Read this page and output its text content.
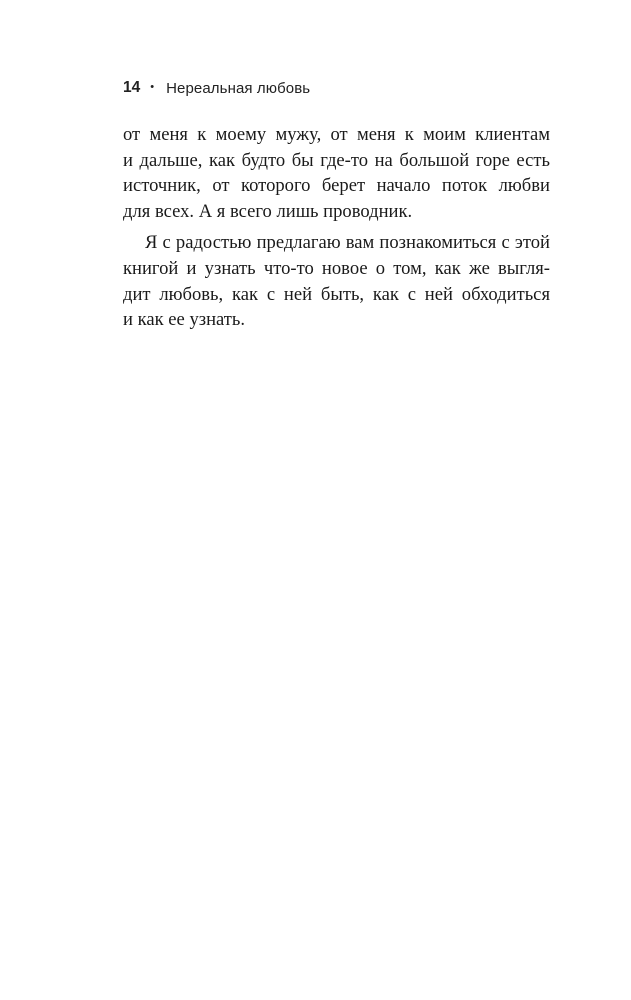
14 • Нереальная любовь
от меня к моему мужу, от меня к моим клиентам
и дальше, как будто бы где-то на большой горе есть
источник, от которого берет начало поток любви
для всех. А я всего лишь проводник.
Я с радостью предлагаю вам познакомиться с этой
книгой и узнать что-то новое о том, как же выгля-
дит любовь, как с ней быть, как с ней обходиться
и как ее узнать.
